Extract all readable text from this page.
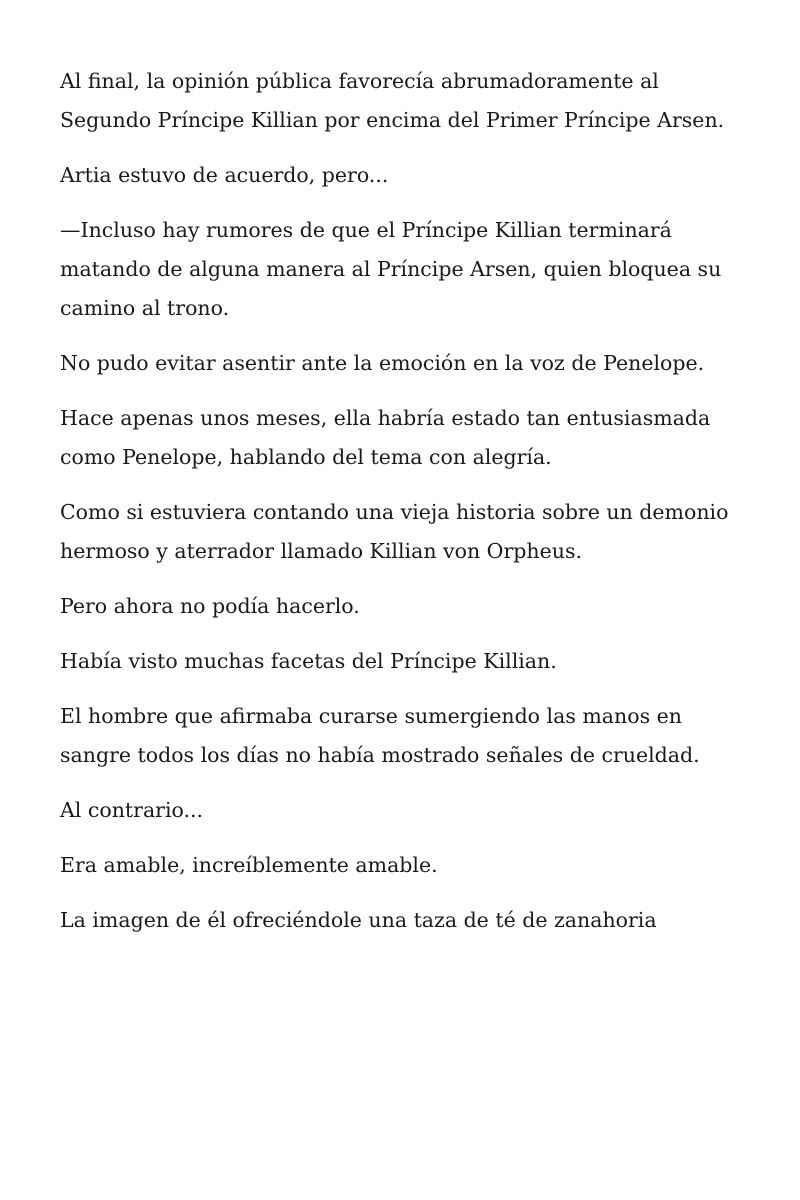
Al final, la opinión pública favorecía abrumadoramente al Segundo Príncipe Killian por encima del Primer Príncipe Arsen.

Artia estuvo de acuerdo, pero...

—Incluso hay rumores de que el Príncipe Killian terminará matando de alguna manera al Príncipe Arsen, quien bloquea su camino al trono.

No pudo evitar asentir ante la emoción en la voz de Penelope.

Hace apenas unos meses, ella habría estado tan entusiasmada como Penelope, hablando del tema con alegría.

Como si estuviera contando una vieja historia sobre un demonio hermoso y aterrador llamado Killian von Orpheus.

Pero ahora no podía hacerlo.

Había visto muchas facetas del Príncipe Killian.

El hombre que afirmaba curarse sumergiendo las manos en sangre todos los días no había mostrado señales de crueldad.

Al contrario...

Era amable, increíblemente amable.

La imagen de él ofreciéndole una taza de té de zanahoria
